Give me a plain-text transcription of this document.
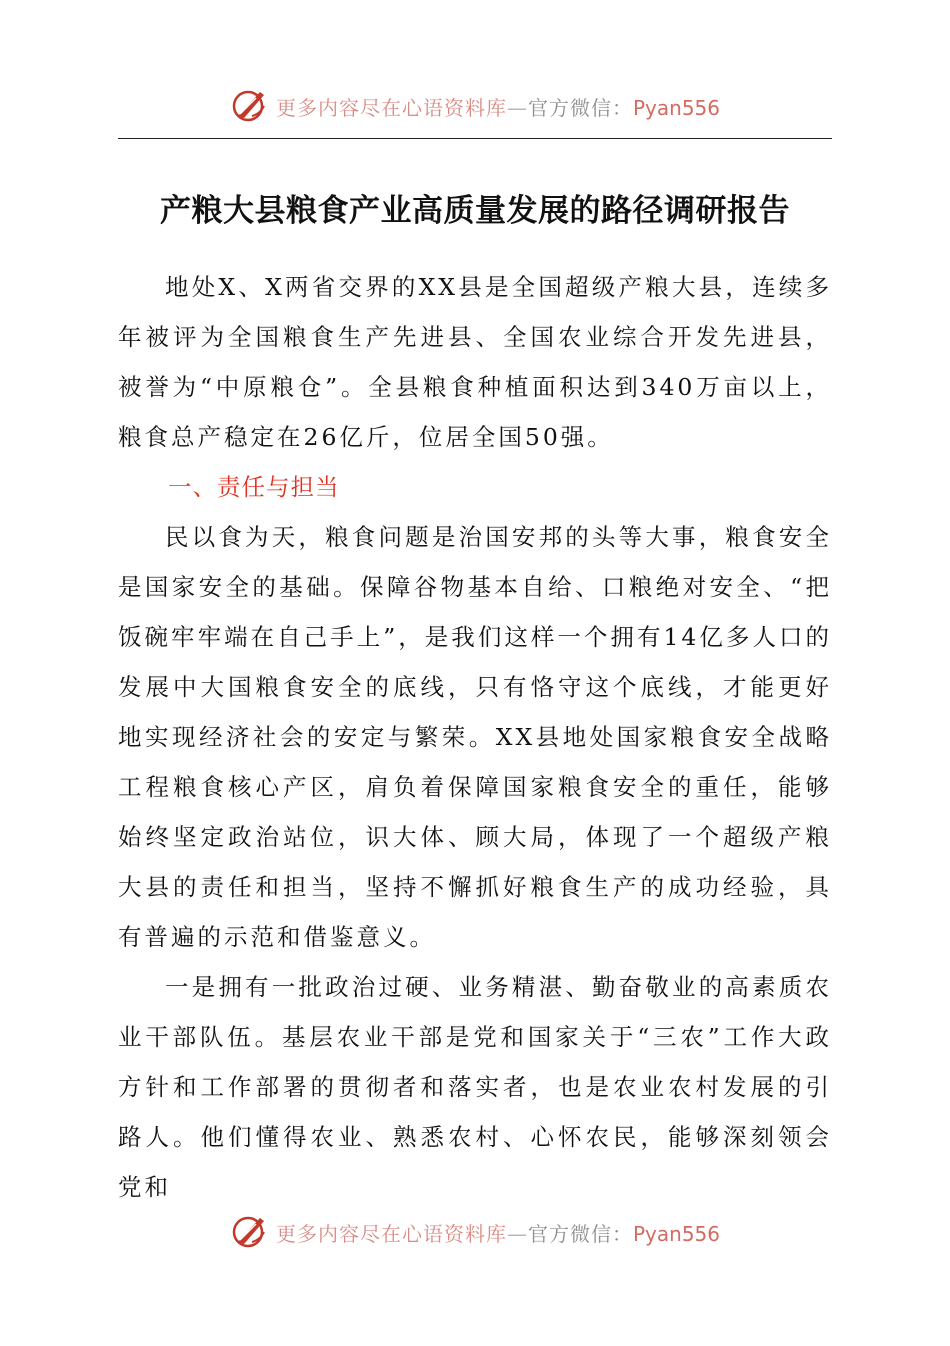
更多内容尽在心语资料库—官方微信：Pyan556
产粮大县粮食产业高质量发展的路径调研报告

地处X、X两省交界的XX县是全国超级产粮大县，连续多年被评为全国粮食生产先进县、全国农业综合开发先进县，被誉为“中原粮仓”。全县粮食种植面积达到340万亩以上，粮食总产稳定在26亿斤，位居全国50强。

一、责任与担当

民以食为天，粮食问题是治国安邦的头等大事，粮食安全是国家安全的基础。保障谷物基本自给、口粮绝对安全、“把饭碗牢牢端在自己手上”，是我们这样一个拥有14亿多人口的发展中大国粮食安全的底线，只有恪守这个底线，才能更好地实现经济社会的安定与繁荣。XX县地处国家粮食安全战略工程粮食核心产区，肩负着保障国家粮食安全的重任，能够始终坚定政治站位，识大体、顾大局，体现了一个超级产粮大县的责任和担当，坚持不懈抓好粮食生产的成功经验，具有普遍的示范和借鉴意义。

一是拥有一批政治过硬、业务精湛、勤奋敬业的高素质农业干部队伍。基层农业干部是党和国家关于“三农”工作大政方针和工作部署的贯彻者和落实者，也是农业农村发展的引路人。他们懂得农业、熟悉农村、心怀农民，能够深刻领会党和

更多内容尽在心语资料库—官方微信：Pyan556
